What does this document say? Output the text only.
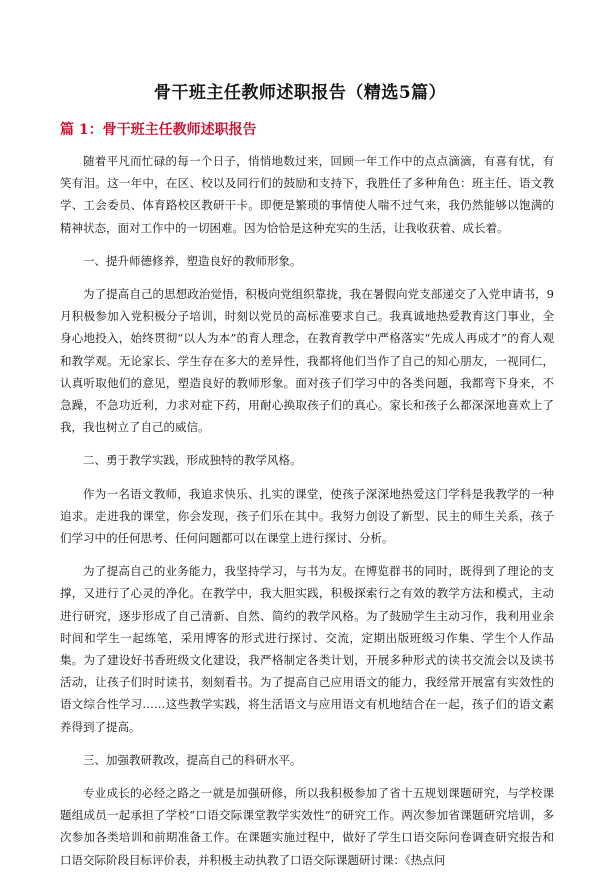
骨干班主任教师述职报告（精选5篇）
篇 1：骨干班主任教师述职报告

随着平凡而忙碌的每一个日子，悄悄地数过来，回顾一年工作中的点点滴滴，有喜有忧，有笑有泪。这一年中，在区、校以及同行们的鼓励和支持下，我胜任了多种角色：班主任、语文教学、工会委员、体育路校区教研干卡。即便是繁琐的事情使人喘不过气来，我仍然能够以饱满的精神状态，面对工作中的一切困难。因为恰恰是这种充实的生活，让我收获着、成长着。

一、提升师德修养，塑造良好的教师形象。

为了提高自己的思想政治觉悟，积极向党组织靠拢，我在暑假向党支部递交了入党申请书，9月积极参加入党积极分子培训，时刻以党员的高标准要求自己。我真诚地热爱教育这门事业，全身心地投入，始终贯彻“以人为本”的育人理念，在教育教学中严格落实“先成人再成才”的育人观和教学观。无论家长、学生存在多大的差异性，我都将他们当作了自己的知心朋友，一视同仁，认真听取他们的意见，塑造良好的教师形象。面对孩子们学习中的各类问题，我都弯下身来，不急躁，不急功近利，力求对症下药，用耐心换取孩子们的真心。家长和孩子么都深深地喜欢上了我，我也树立了自己的威信。

二、勇于教学实践，形成独特的教学风格。

作为一名语文教师，我追求快乐、扎实的课堂，使孩子深深地热爱这门学科是我教学的一种追求。走进我的课堂，你会发现，孩子们乐在其中。我努力创设了新型、民主的师生关系，孩子们学习中的任何思考、任何问题都可以在课堂上进行探讨、分析。

为了提高自己的业务能力，我坚持学习，与书为友。在博览群书的同时，既得到了理论的支撑，又进行了心灵的净化。在教学中，我大胆实践，积极探索行之有效的教学方法和模式，主动进行研究，逐步形成了自己清新、自然、简约的教学风格。为了鼓励学生主动习作，我利用业余时间和学生一起练笔，采用博客的形式进行探讨、交流，定期出版班级习作集、学生个人作品集。为了建设好书香班级文化建设，我严格制定各类计划，开展多种形式的读书交流会以及读书活动，让孩子们时时读书，刻刻看书。为了提高自己应用语文的能力，我经常开展富有实效性的语文综合性学习……这些教学实践，将生活语文与应用语文有机地结合在一起，孩子们的语文素养得到了提高。

三、加强教研教改，提高自己的科研水平。

专业成长的必经之路之一就是加强研修，所以我积极参加了省十五规划课题研究，与学校课题组成员一起承担了学校“口语交际课堂教学实效性”的研究工作。两次参加省课题研究培训，多次参加各类培训和前期准备工作。在课题实施过程中，做好了学生口语交际问卷调查研究报告和口语交际阶段目标评价表，并积极主动执教了口语交际课题研讨课：《热点问
